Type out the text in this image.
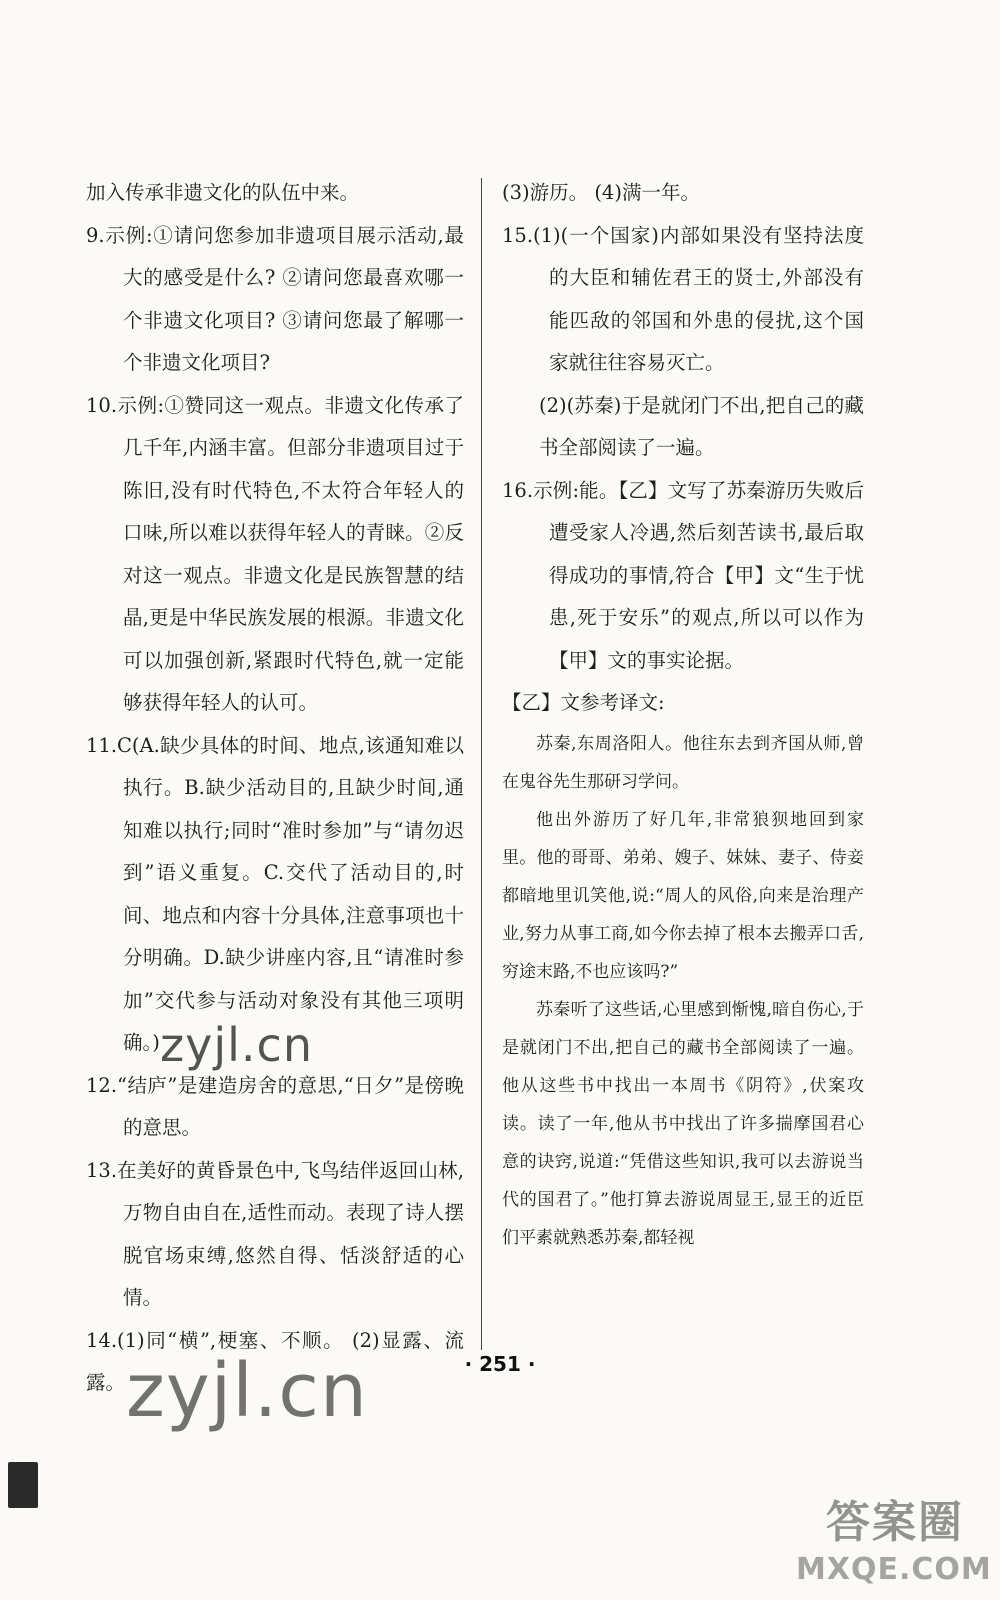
加入传承非遗文化的队伍中来。

9.示例:①请问您参加非遗项目展示活动,最大的感受是什么? ②请问您最喜欢哪一个非遗文化项目? ③请问您最了解哪一个非遗文化项目?

10.示例:①赞同这一观点。非遗文化传承了几千年,内涵丰富。但部分非遗项目过于陈旧,没有时代特色,不太符合年轻人的口味,所以难以获得年轻人的青睐。②反对这一观点。非遗文化是民族智慧的结晶,更是中华民族发展的根源。非遗文化可以加强创新,紧跟时代特色,就一定能够获得年轻人的认可。

11.C(A.缺少具体的时间、地点,该通知难以执行。B.缺少活动目的,且缺少时间,通知难以执行;同时“准时参加”与“请勿迟到”语义重复。C.交代了活动目的,时间、地点和内容十分具体,注意事项也十分明确。D.缺少讲座内容,且“请准时参加”交代参与活动对象没有其他三项明确。)

12.“结庐”是建造房舍的意思,“日夕”是傍晚的意思。

13.在美好的黄昏景色中,飞鸟结伴返回山林,万物自由自在,适性而动。表现了诗人摆脱官场束缚,悠然自得、恬淡舒适的心情。

14.(1)同“横”,梗塞、不顺。 (2)显露、流露。

(3)游历。 (4)满一年。

15.(1)(一个国家)内部如果没有坚持法度的大臣和辅佐君王的贤士,外部没有能匹敌的邻国和外患的侵扰,这个国家就往往容易灭亡。

(2)(苏秦)于是就闭门不出,把自己的藏书全部阅读了一遍。

16.示例:能。【乙】文写了苏秦游历失败后遭受家人冷遇,然后刻苦读书,最后取得成功的事情,符合【甲】文“生于忧患,死于安乐”的观点,所以可以作为【甲】文的事实论据。

【乙】文参考译文:

苏秦,东周洛阳人。他往东去到齐国从师,曾在鬼谷先生那研习学问。

他出外游历了好几年,非常狼狈地回到家里。他的哥哥、弟弟、嫂子、妹妹、妻子、侍妾都暗地里讥笑他,说:“周人的风俗,向来是治理产业,努力从事工商,如今你去掉了根本去搬弄口舌,穷途末路,不也应该吗?”

苏秦听了这些话,心里感到惭愧,暗自伤心,于是就闭门不出,把自己的藏书全部阅读了一遍。他从这些书中找出一本周书《阴符》,伏案攻读。读了一年,他从书中找出了许多揣摩国君心意的诀窍,说道:“凭借这些知识,我可以去游说当代的国君了。”他打算去游说周显王,显王的近臣们平素就熟悉苏秦,都轻视

· 251 ·
zyjl.cn
zyjl.cn
答案圈
MXQE.COM
